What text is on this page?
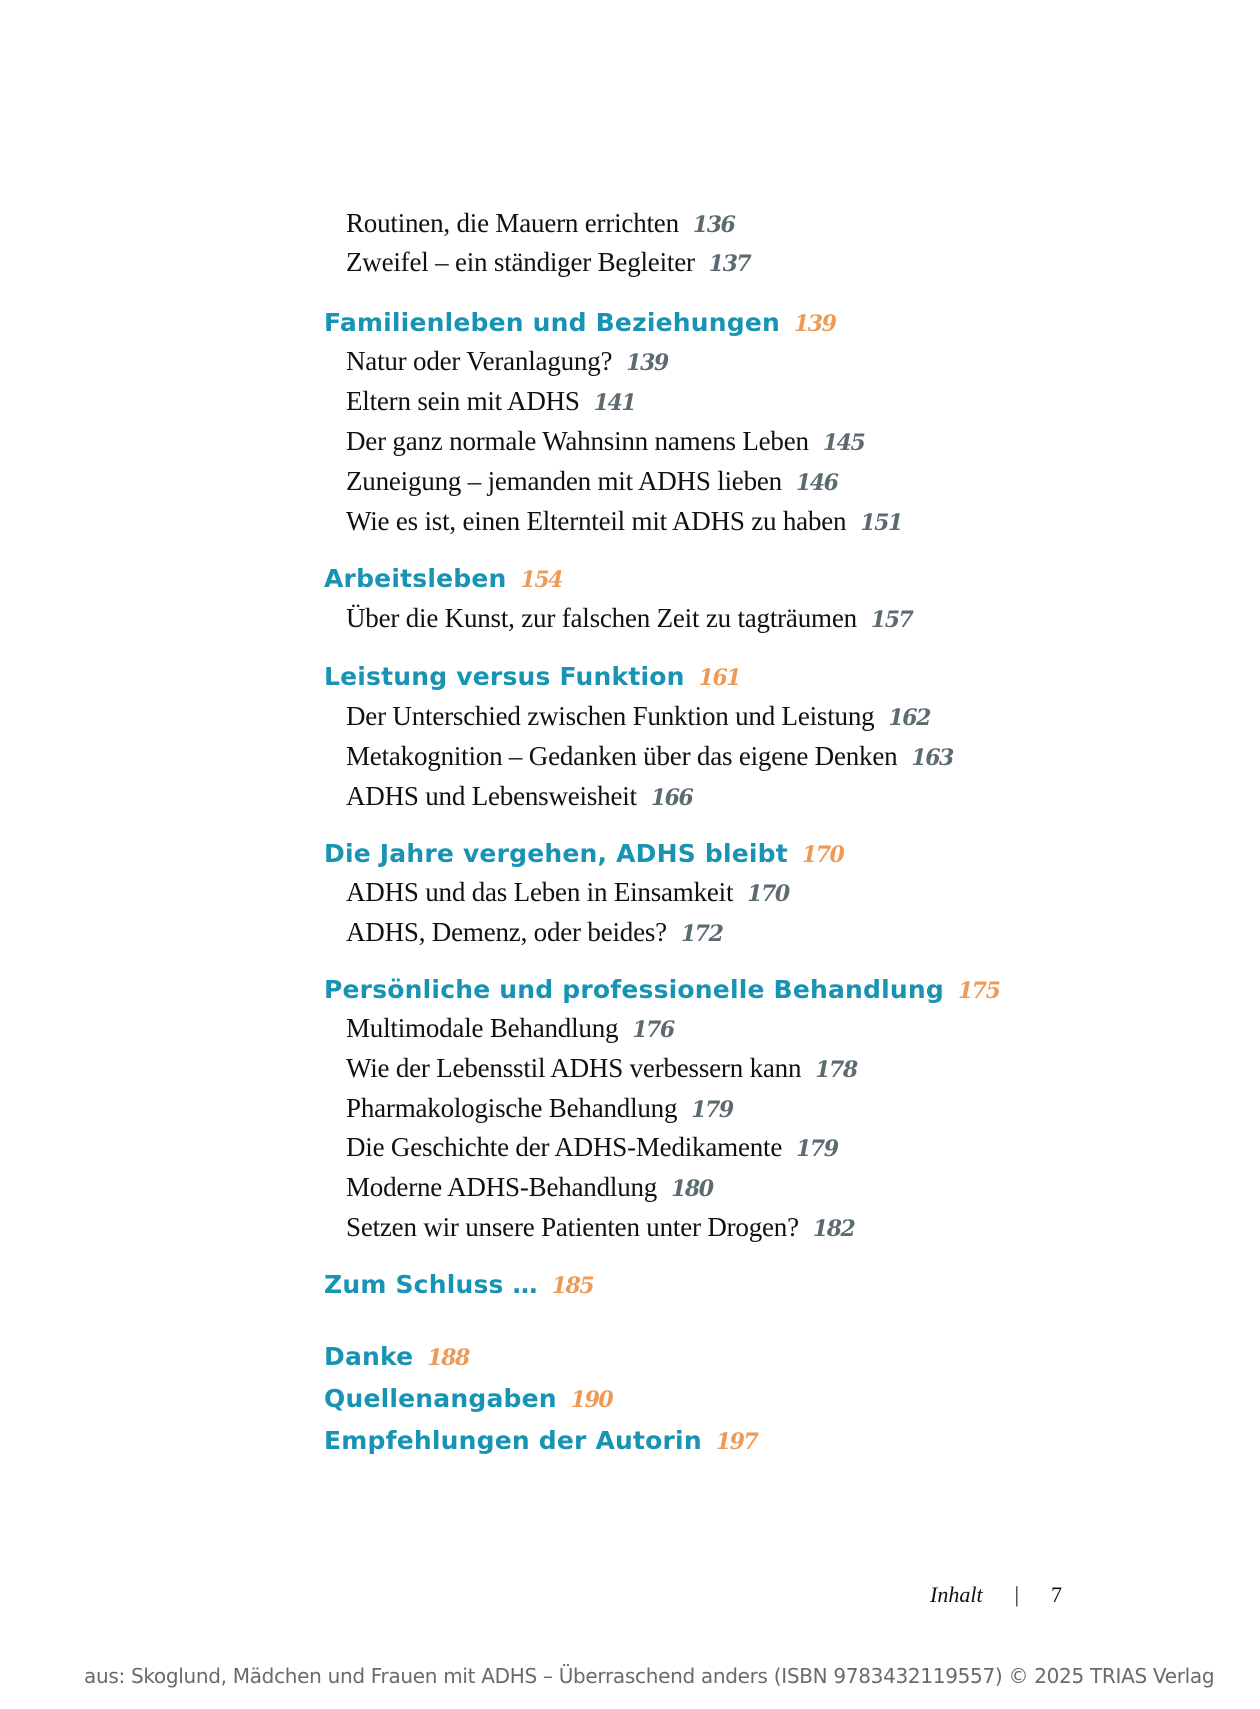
Routinen, die Mauern errichten 136
Zweifel – ein ständiger Begleiter 137
Familienleben und Beziehungen 139
Natur oder Veranlagung? 139
Eltern sein mit ADHS 141
Der ganz normale Wahnsinn namens Leben 145
Zuneigung – jemanden mit ADHS lieben 146
Wie es ist, einen Elternteil mit ADHS zu haben 151
Arbeitsleben 154
Über die Kunst, zur falschen Zeit zu tagträumen 157
Leistung versus Funktion 161
Der Unterschied zwischen Funktion und Leistung 162
Metakognition – Gedanken über das eigene Denken 163
ADHS und Lebensweisheit 166
Die Jahre vergehen, ADHS bleibt 170
ADHS und das Leben in Einsamkeit 170
ADHS, Demenz, oder beides? 172
Persönliche und professionelle Behandlung 175
Multimodale Behandlung 176
Wie der Lebensstil ADHS verbessern kann 178
Pharmakologische Behandlung 179
Die Geschichte der ADHS-Medikamente 179
Moderne ADHS-Behandlung 180
Setzen wir unsere Patienten unter Drogen? 182
Zum Schluss … 185
Danke 188
Quellenangaben 190
Empfehlungen der Autorin 197
Inhalt | 7
aus: Skoglund, Mädchen und Frauen mit ADHS – Überraschend anders (ISBN 9783432119557) © 2025 TRIAS Verlag
